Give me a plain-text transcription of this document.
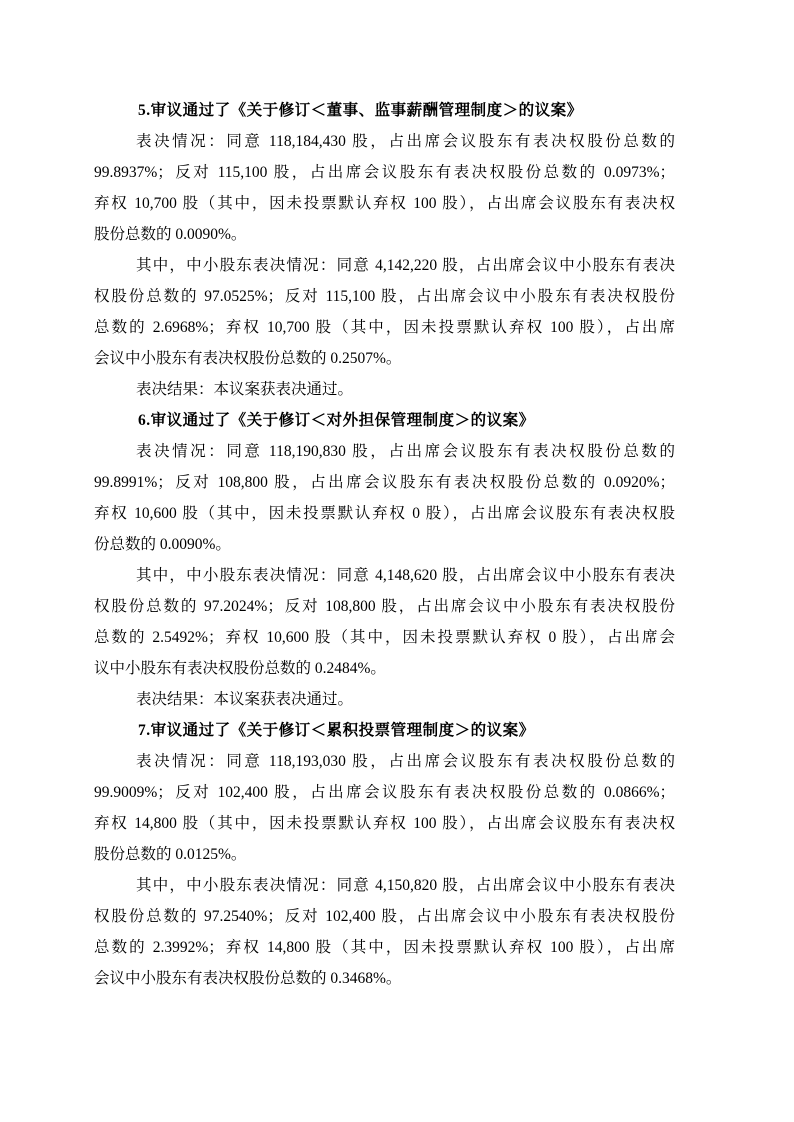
5.审议通过了《关于修订＜董事、监事薪酬管理制度＞的议案》
表决情况：同意 118,184,430 股，占出席会议股东有表决权股份总数的
99.8937%；反对 115,100 股，占出席会议股东有表决权股份总数的 0.0973%；
弃权 10,700 股（其中，因未投票默认弃权 100 股），占出席会议股东有表决权
股份总数的 0.0090%。
其中，中小股东表决情况：同意 4,142,220 股，占出席会议中小股东有表决
权股份总数的 97.0525%；反对 115,100 股，占出席会议中小股东有表决权股份
总数的 2.6968%；弃权 10,700 股（其中，因未投票默认弃权 100 股），占出席
会议中小股东有表决权股份总数的 0.2507%。
表决结果：本议案获表决通过。
6.审议通过了《关于修订＜对外担保管理制度＞的议案》
表决情况：同意 118,190,830 股，占出席会议股东有表决权股份总数的
99.8991%；反对 108,800 股，占出席会议股东有表决权股份总数的 0.0920%；
弃权 10,600 股（其中，因未投票默认弃权 0 股），占出席会议股东有表决权股
份总数的 0.0090%。
其中，中小股东表决情况：同意 4,148,620 股，占出席会议中小股东有表决
权股份总数的 97.2024%；反对 108,800 股，占出席会议中小股东有表决权股份
总数的 2.5492%；弃权 10,600 股（其中，因未投票默认弃权 0 股），占出席会
议中小股东有表决权股份总数的 0.2484%。
表决结果：本议案获表决通过。
7.审议通过了《关于修订＜累积投票管理制度＞的议案》
表决情况：同意 118,193,030 股，占出席会议股东有表决权股份总数的
99.9009%；反对 102,400 股，占出席会议股东有表决权股份总数的 0.0866%；
弃权 14,800 股（其中，因未投票默认弃权 100 股），占出席会议股东有表决权
股份总数的 0.0125%。
其中，中小股东表决情况：同意 4,150,820 股，占出席会议中小股东有表决
权股份总数的 97.2540%；反对 102,400 股，占出席会议中小股东有表决权股份
总数的 2.3992%；弃权 14,800 股（其中，因未投票默认弃权 100 股），占出席
会议中小股东有表决权股份总数的 0.3468%。
